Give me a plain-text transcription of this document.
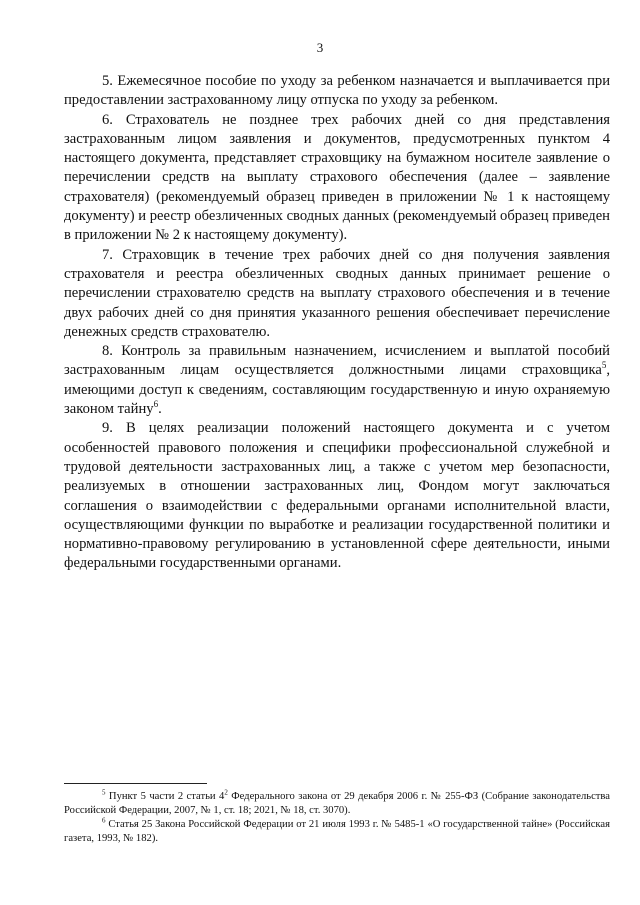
3

5. Ежемесячное пособие по уходу за ребенком назначается и выплачивается при предоставлении застрахованному лицу отпуска по уходу за ребенком.

6. Страхователь не позднее трех рабочих дней со дня представления застрахованным лицом заявления и документов, предусмотренных пунктом 4 настоящего документа, представляет страховщику на бумажном носителе заявление о перечислении средств на выплату страхового обеспечения (далее – заявление страхователя) (рекомендуемый образец приведен в приложении № 1 к настоящему документу) и реестр обезличенных сводных данных (рекомендуемый образец приведен в приложении № 2 к настоящему документу).

7. Страховщик в течение трех рабочих дней со дня получения заявления страхователя и реестра обезличенных сводных данных принимает решение о перечислении страхователю средств на выплату страхового обеспечения и в течение двух рабочих дней со дня принятия указанного решения обеспечивает перечисление денежных средств страхователю.

8. Контроль за правильным назначением, исчислением и выплатой пособий застрахованным лицам осуществляется должностными лицами страховщика$^5$, имеющими доступ к сведениям, составляющим государственную и иную охраняемую законом тайну$^6$.

9. В целях реализации положений настоящего документа и с учетом особенностей правового положения и специфики профессиональной служебной и трудовой деятельности застрахованных лиц, а также с учетом мер безопасности, реализуемых в отношении застрахованных лиц, Фондом могут заключаться соглашения о взаимодействии с федеральными органами исполнительной власти, осуществляющими функции по выработке и реализации государственной политики и нормативно-правовому регулированию в установленной сфере деятельности, иными федеральными государственными органами.

$^5$ Пункт 5 части 2 статьи $4^2$ Федерального закона от 29 декабря 2006 г. № 255-ФЗ (Собрание законодательства Российской Федерации, 2007, № 1, ст. 18; 2021, № 18, ст. 3070).

$^6$ Статья 25 Закона Российской Федерации от 21 июля 1993 г. № 5485-1 «О государственной тайне» (Российская газета, 1993, № 182).
